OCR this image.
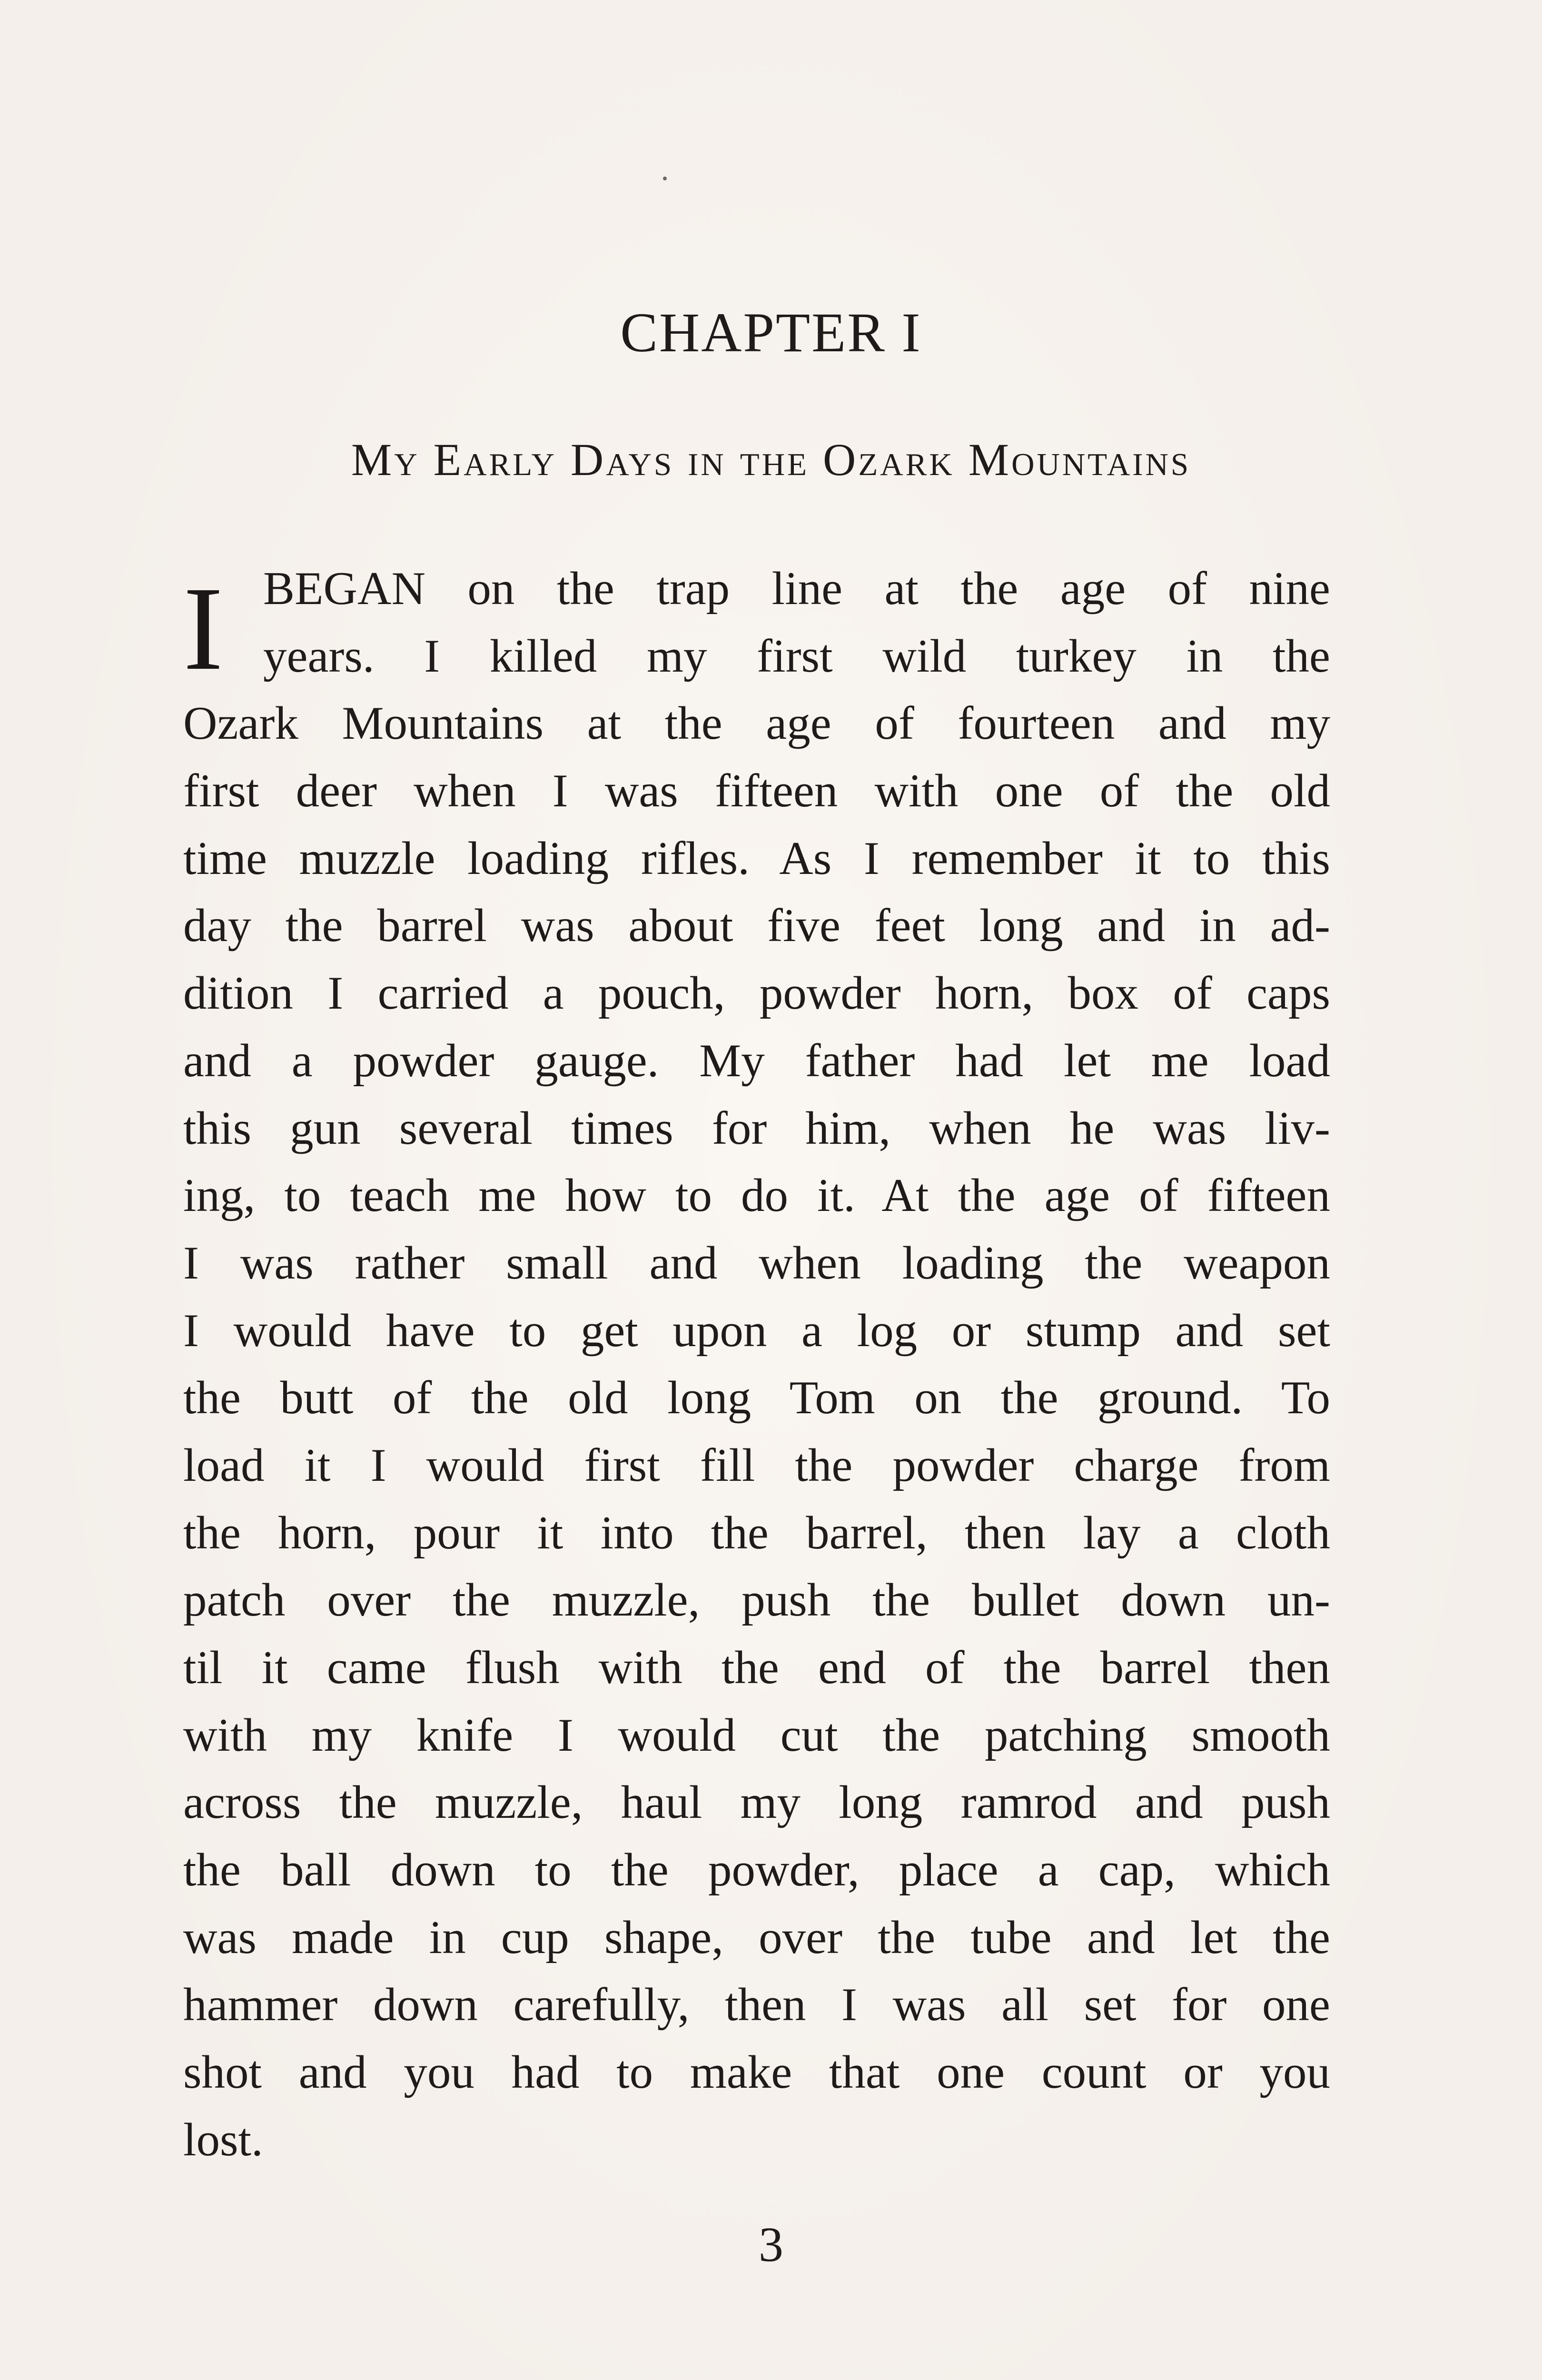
CHAPTER I
My Early Days in the Ozark Mountains
I BEGAN on the trap line at the age of nine
years. I killed my first wild turkey in the
Ozark Mountains at the age of fourteen and my
first deer when I was fifteen with one of the old
time muzzle loading rifles. As I remember it to this
day the barrel was about five feet long and in ad-
dition I carried a pouch, powder horn, box of caps
and a powder gauge. My father had let me load
this gun several times for him, when he was liv-
ing, to teach me how to do it. At the age of fifteen
I was rather small and when loading the weapon
I would have to get upon a log or stump and set
the butt of the old long Tom on the ground. To
load it I would first fill the powder charge from
the horn, pour it into the barrel, then lay a cloth
patch over the muzzle, push the bullet down un-
til it came flush with the end of the barrel then
with my knife I would cut the patching smooth
across the muzzle, haul my long ramrod and push
the ball down to the powder, place a cap, which
was made in cup shape, over the tube and let the
hammer down carefully, then I was all set for one
shot and you had to make that one count or you
lost.
3
